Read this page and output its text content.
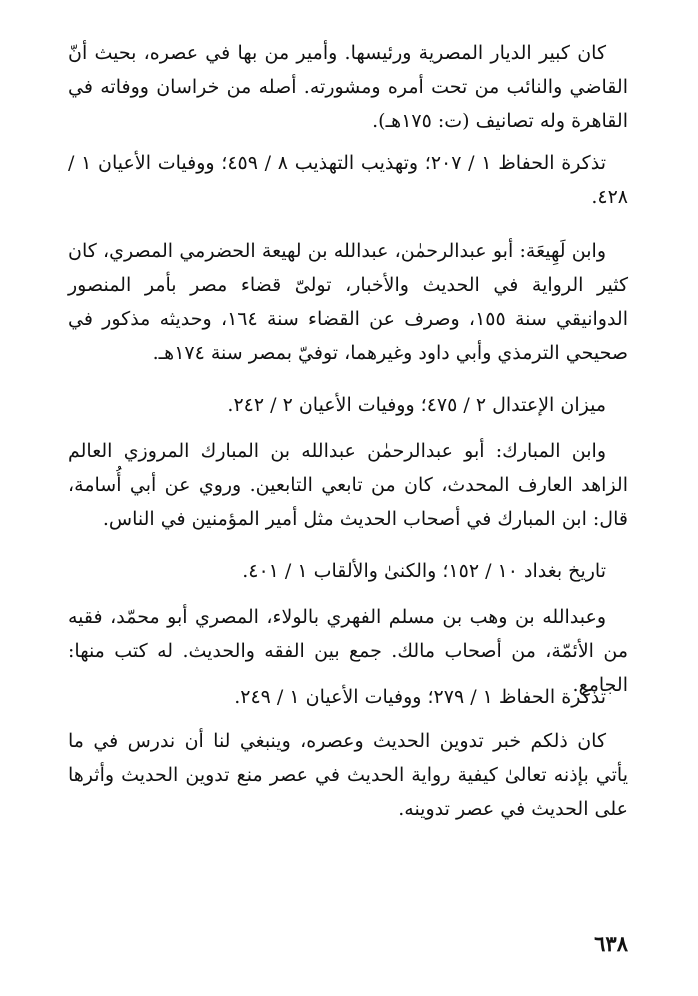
كان كبير الديار المصرية ورئيسها. وأمير من بها في عصره، بحيث أنّ القاضي والنائب من تحت أمره ومشورته. أصله من خراسان ووفاته في القاهرة وله تصانيف (ت: ١٧٥هـ).

تذكرة الحفاظ ١ / ٢٠٧؛ وتهذيب التهذيب ٨ / ٤٥٩؛ ووفيات الأعيان ١ / ٤٢٨.

وابن لَهِيعَة: أبو عبدالرحمٰن، عبدالله بن لهيعة الحضرمي المصري، كان كثير الرواية في الحديث والأخبار، تولىّ قضاء مصر بأمر المنصور الدوانيقي سنة ١٥٥، وصرف عن القضاء سنة ١٦٤، وحديثه مذكور في صحيحي الترمذي وأبي داود وغيرهما، توفيّ بمصر سنة ١٧٤هـ.

ميزان الإعتدال ٢ / ٤٧٥؛ ووفيات الأعيان ٢ / ٢٤٢.

وابن المبارك: أبو عبدالرحمٰن عبدالله بن المبارك المروزي العالم الزاهد العارف المحدث، كان من تابعي التابعين. وروي عن أبي أُسامة، قال: ابن المبارك في أصحاب الحديث مثل أمير المؤمنين في الناس.

تاريخ بغداد ١٠ / ١٥٢؛ والكنىٰ والألقاب ١ / ٤٠١.

وعبدالله بن وهب بن مسلم الفهري بالولاء، المصري أبو محمّد، فقيه من الأئمّة، من أصحاب مالك. جمع بين الفقه والحديث. له كتب منها: الجامع.

تذكرة الحفاظ ١ / ٢٧٩؛ ووفيات الأعيان ١ / ٢٤٩.

كان ذلكم خبر تدوين الحديث وعصره، وينبغي لنا أن ندرس في ما يأتي بإذنه تعالىٰ كيفية رواية الحديث في عصر منع تدوين الحديث وأثرها على الحديث في عصر تدوينه.

٦٣٨
